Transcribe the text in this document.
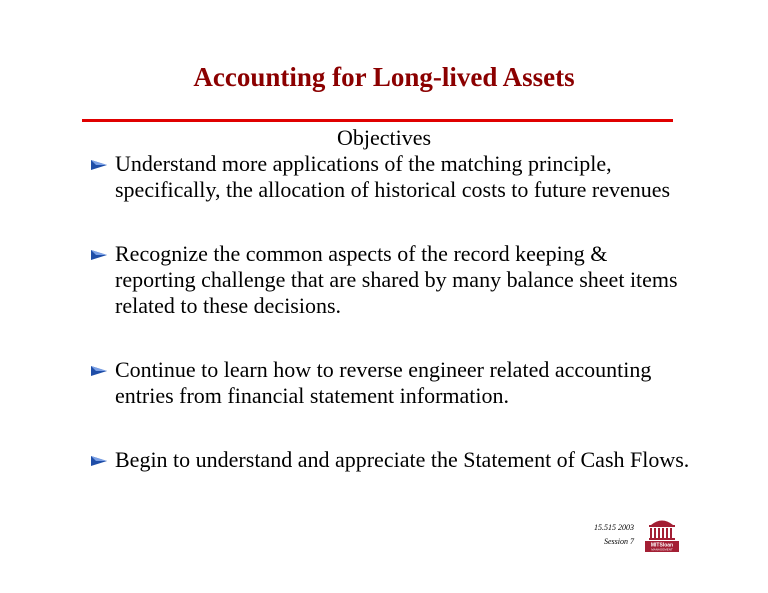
Accounting for Long-lived Assets
Objectives
Understand more applications of the matching principle, specifically, the allocation of historical costs to future revenues
Recognize the common aspects of the record keeping & reporting challenge that are shared by many balance sheet items related to these decisions.
Continue to learn how to reverse engineer related accounting entries from financial statement information.
Begin to understand and appreciate the Statement of Cash Flows.
15.515 2003
Session 7	MITSloan
MANAGEMENT
